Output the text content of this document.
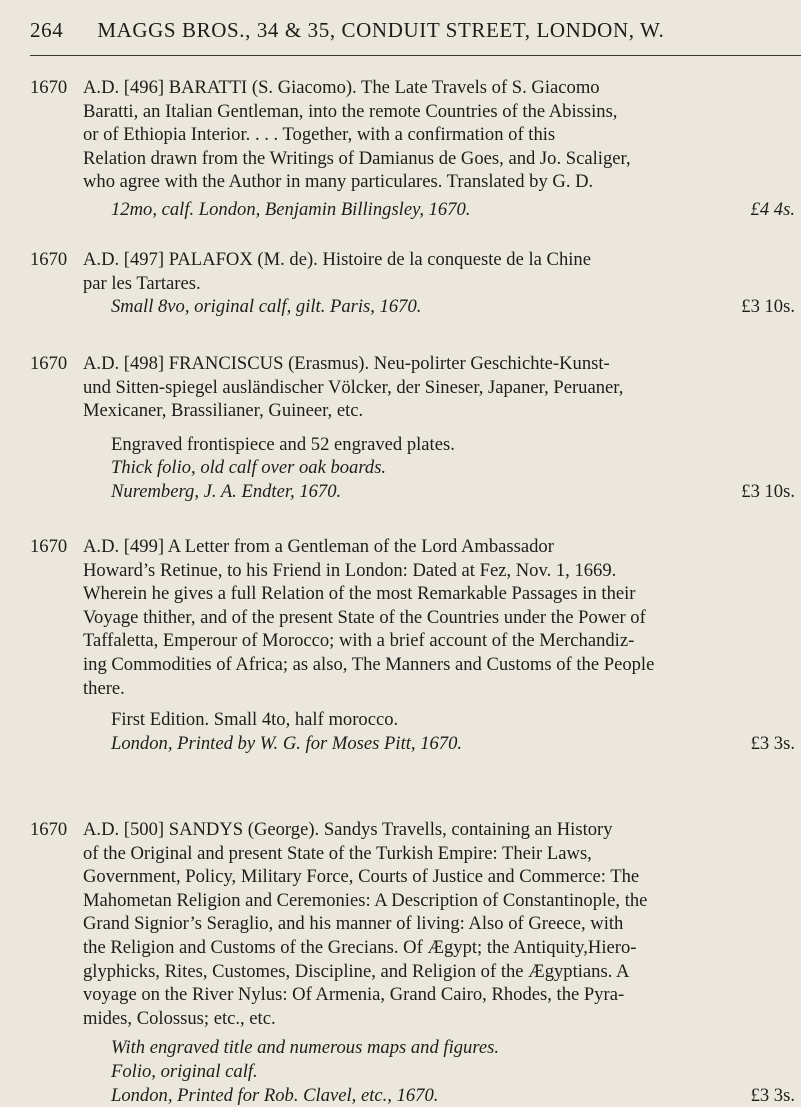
264 MAGGS BROS., 34 & 35, CONDUIT STREET, LONDON, W.
1670 A.D. [496] BARATTI (S. Giacomo). The Late Travels of S. Giacomo
Baratti, an Italian Gentleman, into the remote Countries of the Abissins,
or of Ethiopia Interior. . . . Together, with a confirmation of this
Relation drawn from the Writings of Damianus de Goes, and Jo. Scaliger,
who agree with the Author in many particulares. Translated by G. D.
12mo, calf. London, Benjamin Billingsley, 1670.	£4 4s.
1670 A.D. [497] PALAFOX (M. de). Histoire de la conqueste de la Chine
par les Tartares.
Small 8vo, original calf, gilt. Paris, 1670.	£3 10s.
1670 A.D. [498] FRANCISCUS (Erasmus). Neu-polirter Geschichte-Kunst-
und Sitten-spiegel ausländischer Völcker, der Sineser, Japaner, Peruaner,
Mexicaner, Brassilianer, Guineer, etc.
Engraved frontispiece and 52 engraved plates.
Thick folio, old calf over oak boards.
Nuremberg, J. A. Endter, 1670.	£3 10s.
1670 A.D. [499] A Letter from a Gentleman of the Lord Ambassador
Howard’s Retinue, to his Friend in London: Dated at Fez, Nov. 1, 1669.
Wherein he gives a full Relation of the most Remarkable Passages in their
Voyage thither, and of the present State of the Countries under the Power of
Taffaletta, Emperour of Morocco; with a brief account of the Merchandiz-
ing Commodities of Africa; as also, The Manners and Customs of the People
there.
First Edition. Small 4to, half morocco.
London, Printed by W. G. for Moses Pitt, 1670.	£3 3s.
1670 A.D. [500] SANDYS (George). Sandys Travells, containing an History
of the Original and present State of the Turkish Empire: Their Laws,
Government, Policy, Military Force, Courts of Justice and Commerce: The
Mahometan Religion and Ceremonies: A Description of Constantinople, the
Grand Signior’s Seraglio, and his manner of living: Also of Greece, with
the Religion and Customs of the Grecians. Of Ægypt; the Antiquity,Hiero-
glyphicks, Rites, Customes, Discipline, and Religion of the Ægyptians. A
voyage on the River Nylus: Of Armenia, Grand Cairo, Rhodes, the Pyra-
mides, Colossus; etc., etc.
With engraved title and numerous maps and figures.
Folio, original calf.
London, Printed for Rob. Clavel, etc., 1670.	£3 3s.
